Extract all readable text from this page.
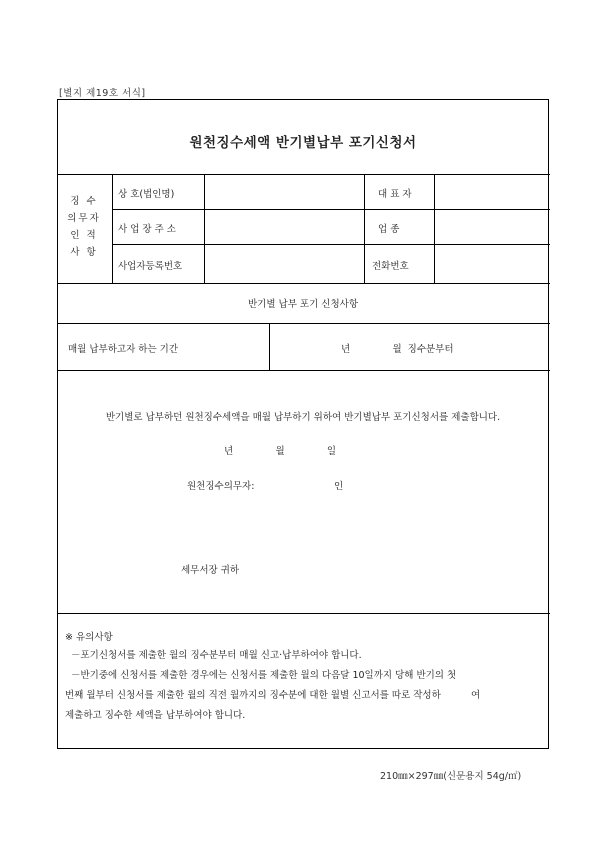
[별지 제19호 서식]
원천징수세액 반기별납부 포기신청서
징 수
의무자
인 적
사 항
상 호(법인명)	대 표 자
사 업 장 주 소	업 종
사업자등록번호	전화번호
반기별 납부 포기 신청사항
매월 납부하고자 하는 기간	년              월  징수분부터
반기별로 납부하던 원천징수세액을 매월 납부하기 위하여 반기별납부 포기신청서를 제출합니다.
년              월              일
원천징수의무자:	인
세무서장 귀하
※ 유의사항
－포기신청서를 제출한 월의 징수분부터 매월 신고·납부하여야 합니다.
－반기중에 신청서를 제출한 경우에는 신청서를 제출한 월의 다음달 10일까지 당해 반기의 첫
번째 월부터 신청서를 제출한 월의 직전 월까지의 징수분에 대한 월별 신고서를 따로 작성하          여
제출하고 징수한 세액을 납부하여야 합니다.
210㎜×297㎜(신문용지 54g/㎡)
